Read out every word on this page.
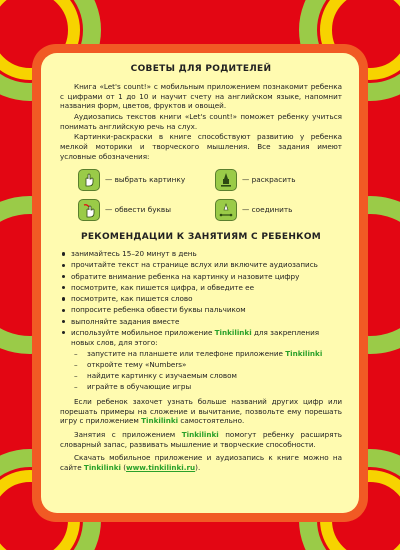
СОВЕТЫ ДЛЯ РОДИТЕЛЕЙ

Книга «Let's count!» с мобильным приложением познакомит ребенка с цифрами от 1 до 10 и научит счету на английском языке, напомнит названия форм, цветов, фруктов и овощей.

Аудиозапись текстов книги «Let's count!» поможет ребенку учиться понимать английскую речь на слух.

Картинки-раскраски в книге способствуют развитию у ребенка мелкой моторики и творческого мышления. Все задания имеют условные обозначения:

— выбрать картинку	— раскрасить
— обвести буквы	— соединить
РЕКОМЕНДАЦИИ К ЗАНЯТИЯМ С РЕБЕНКОМ
занимайтесь 15–20 минут в день
прочитайте текст на странице вслух или включите аудиозапись
обратите внимание ребенка на картинку и назовите цифру
посмотрите, как пишется цифра, и обведите ее
посмотрите, как пишется слово
попросите ребенка обвести буквы пальчиком
выполняйте задания вместе
используйте мобильное приложение Tinkilinki для закрепления новых слов, для этого:
– запустите на планшете или телефоне приложение Tinkilinki
– откройте тему «Numbers»
– найдите картинку с изучаемым словом
– играйте в обучающие игры

Если ребенок захочет узнать больше названий других цифр или порешать примеры на сложение и вычитание, позвольте ему порешать игру с приложением Tinkilinki самостоятельно.

Занятия с приложением Tinkilinki помогут ребенку расширять словарный запас, развивать мышление и творческие способности.

Скачать мобильное приложение и аудиозапись к книге можно на сайте Tinkilinki (www.tinkilinki.ru).
